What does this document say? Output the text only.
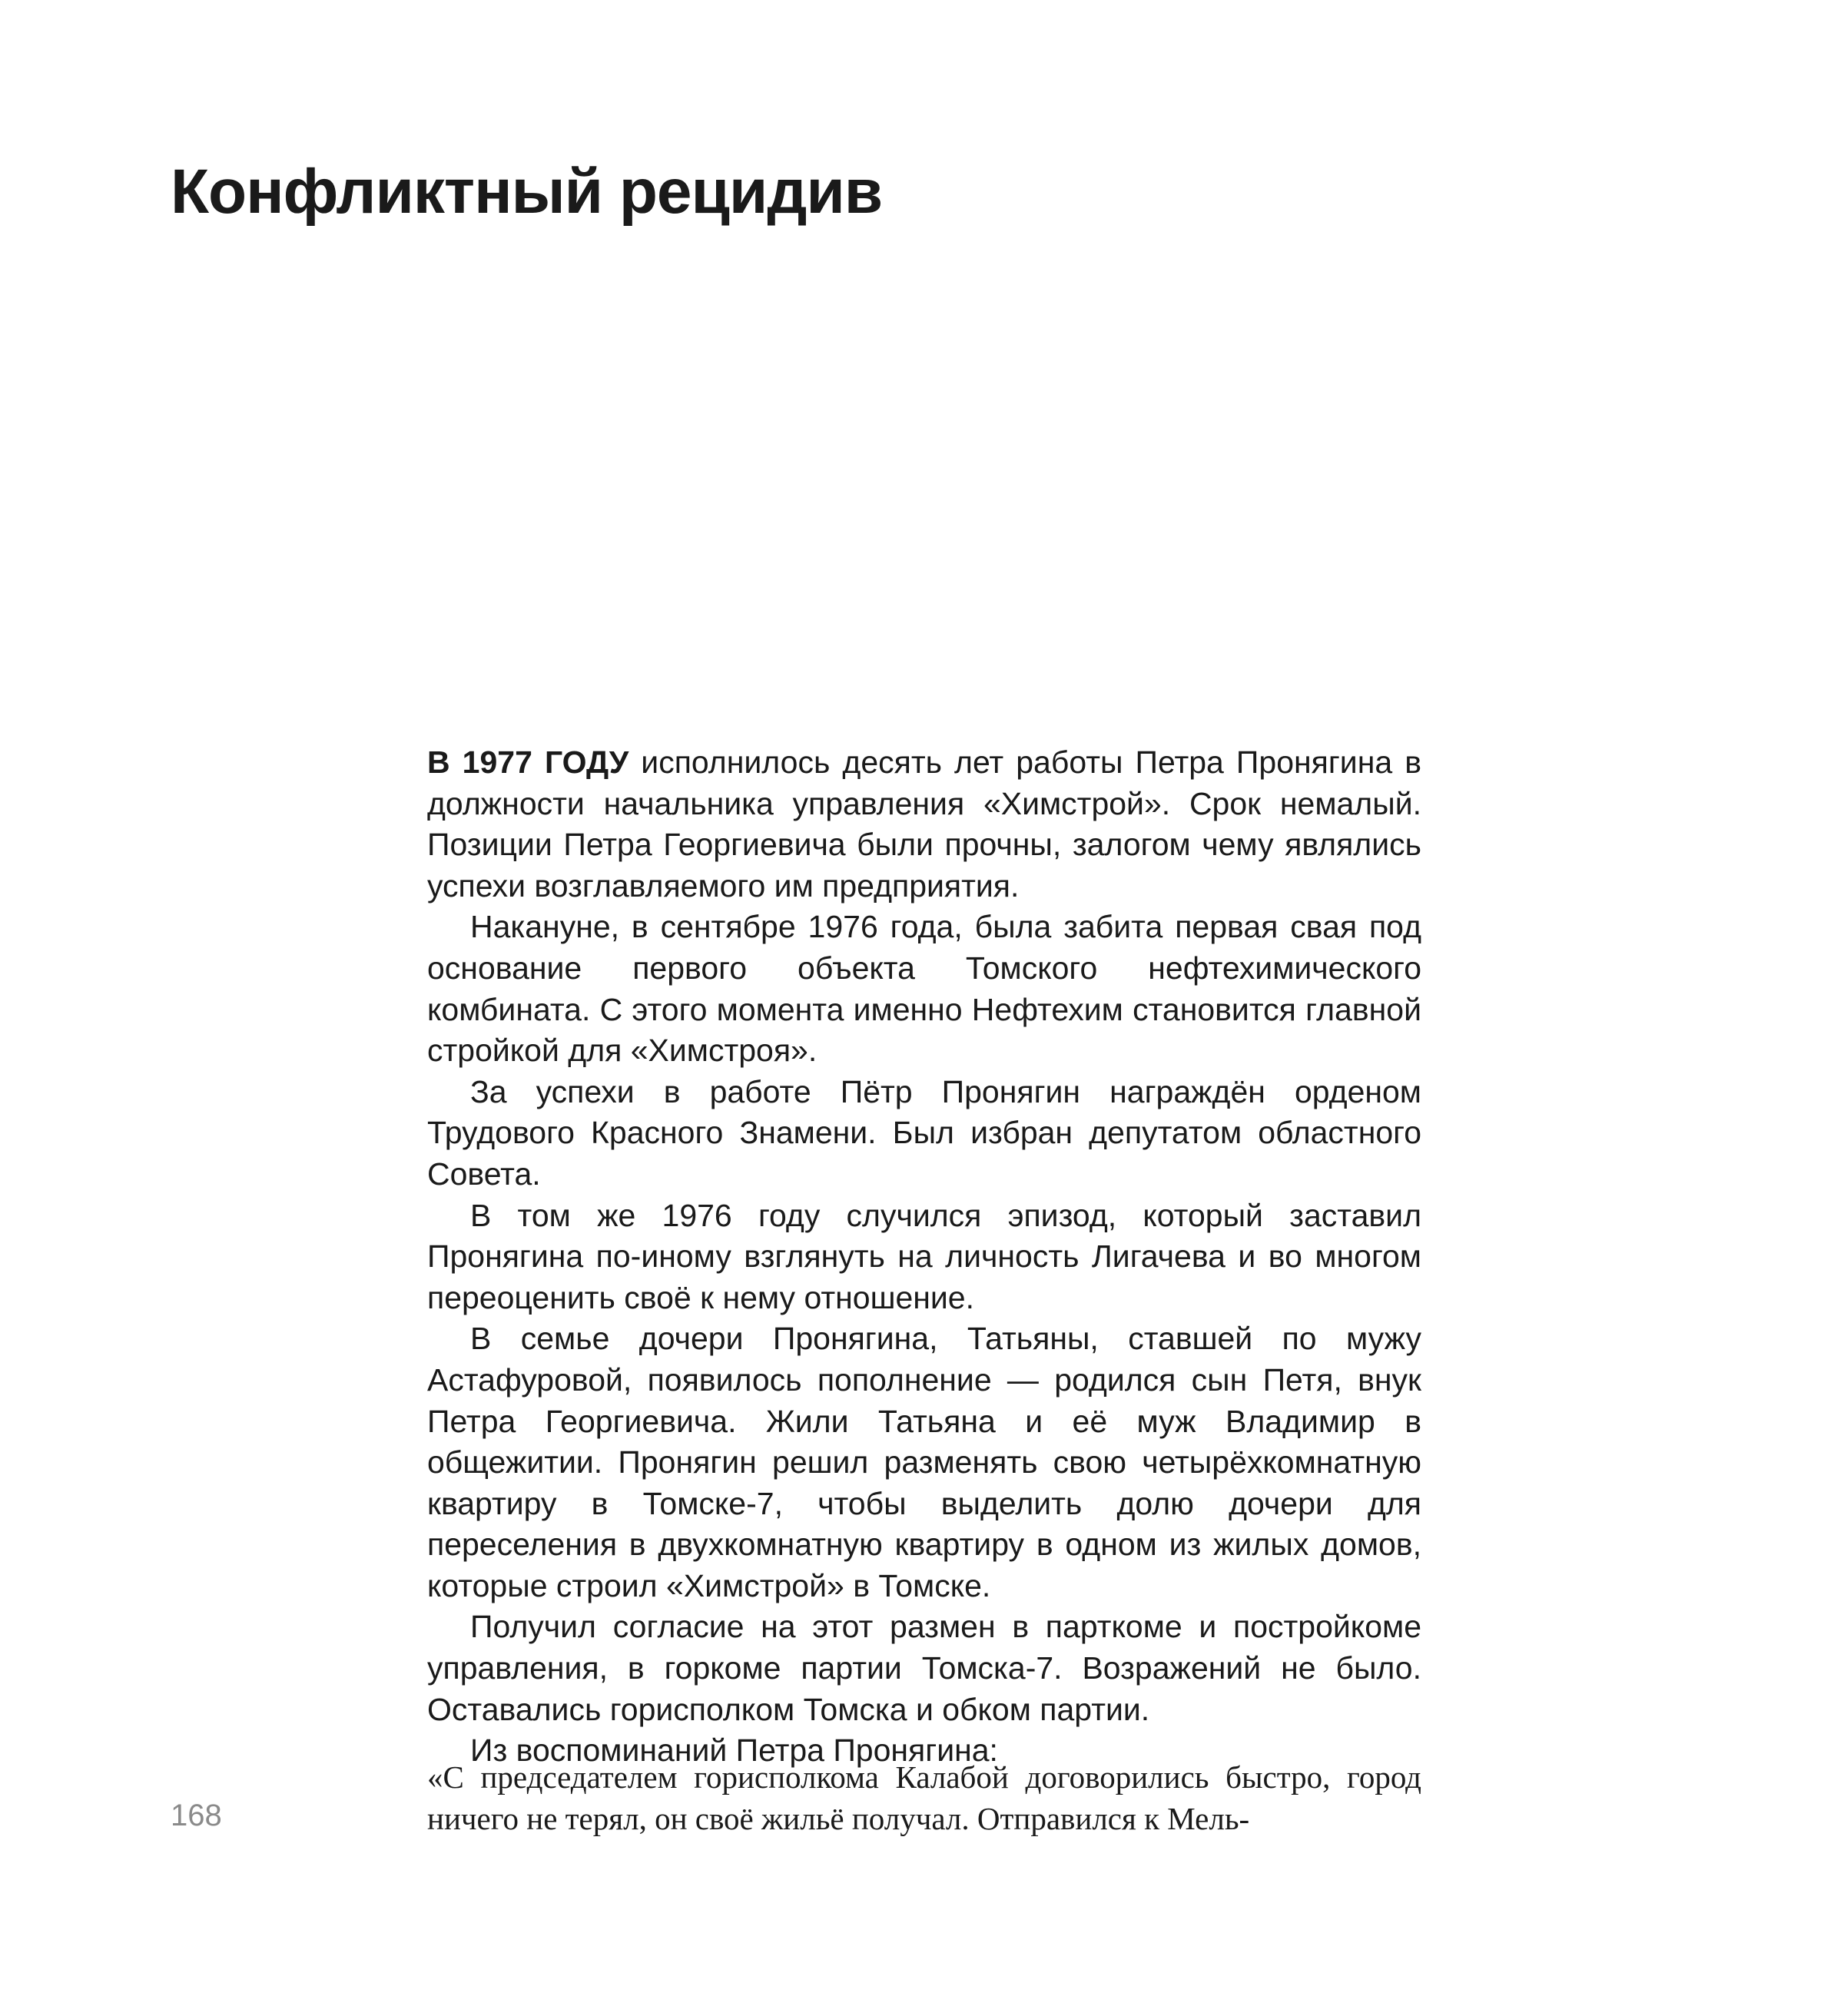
Конфликтный рецидив

В 1977 ГОДУ исполнилось десять лет работы Петра Пронягина в должности начальника управления «Химстрой». Срок немалый. Позиции Петра Георгиевича были прочны, залогом чему являлись успехи возглавляемого им предприятия.

Накануне, в сентябре 1976 года, была забита первая свая под основание первого объекта Томского нефтехимического комбината. С этого момента именно Нефтехим становится главной стройкой для «Химстроя».

За успехи в работе Пётр Пронягин награждён орденом Трудового Красного Знамени. Был избран депутатом областного Совета.

В том же 1976 году случился эпизод, который заставил Пронягина по-иному взглянуть на личность Лигачева и во многом переоценить своё к нему отношение.

В семье дочери Пронягина, Татьяны, ставшей по мужу Астафуровой, появилось пополнение — родился сын Петя, внук Петра Георгиевича. Жили Татьяна и её муж Владимир в общежитии. Пронягин решил разменять свою четырёхкомнатную квартиру в Томске-7, чтобы выделить долю дочери для переселения в двухкомнатную квартиру в одном из жилых домов, которые строил «Химстрой» в Томске.

Получил согласие на этот размен в парткоме и постройкоме управления, в горкоме партии Томска-7. Возражений не было. Оставались горисполком Томска и обком партии.

Из воспоминаний Петра Пронягина:

«С председателем горисполкома Калабой договорились быстро, город ничего не терял, он своё жильё получал. Отправился к Мель-

168
